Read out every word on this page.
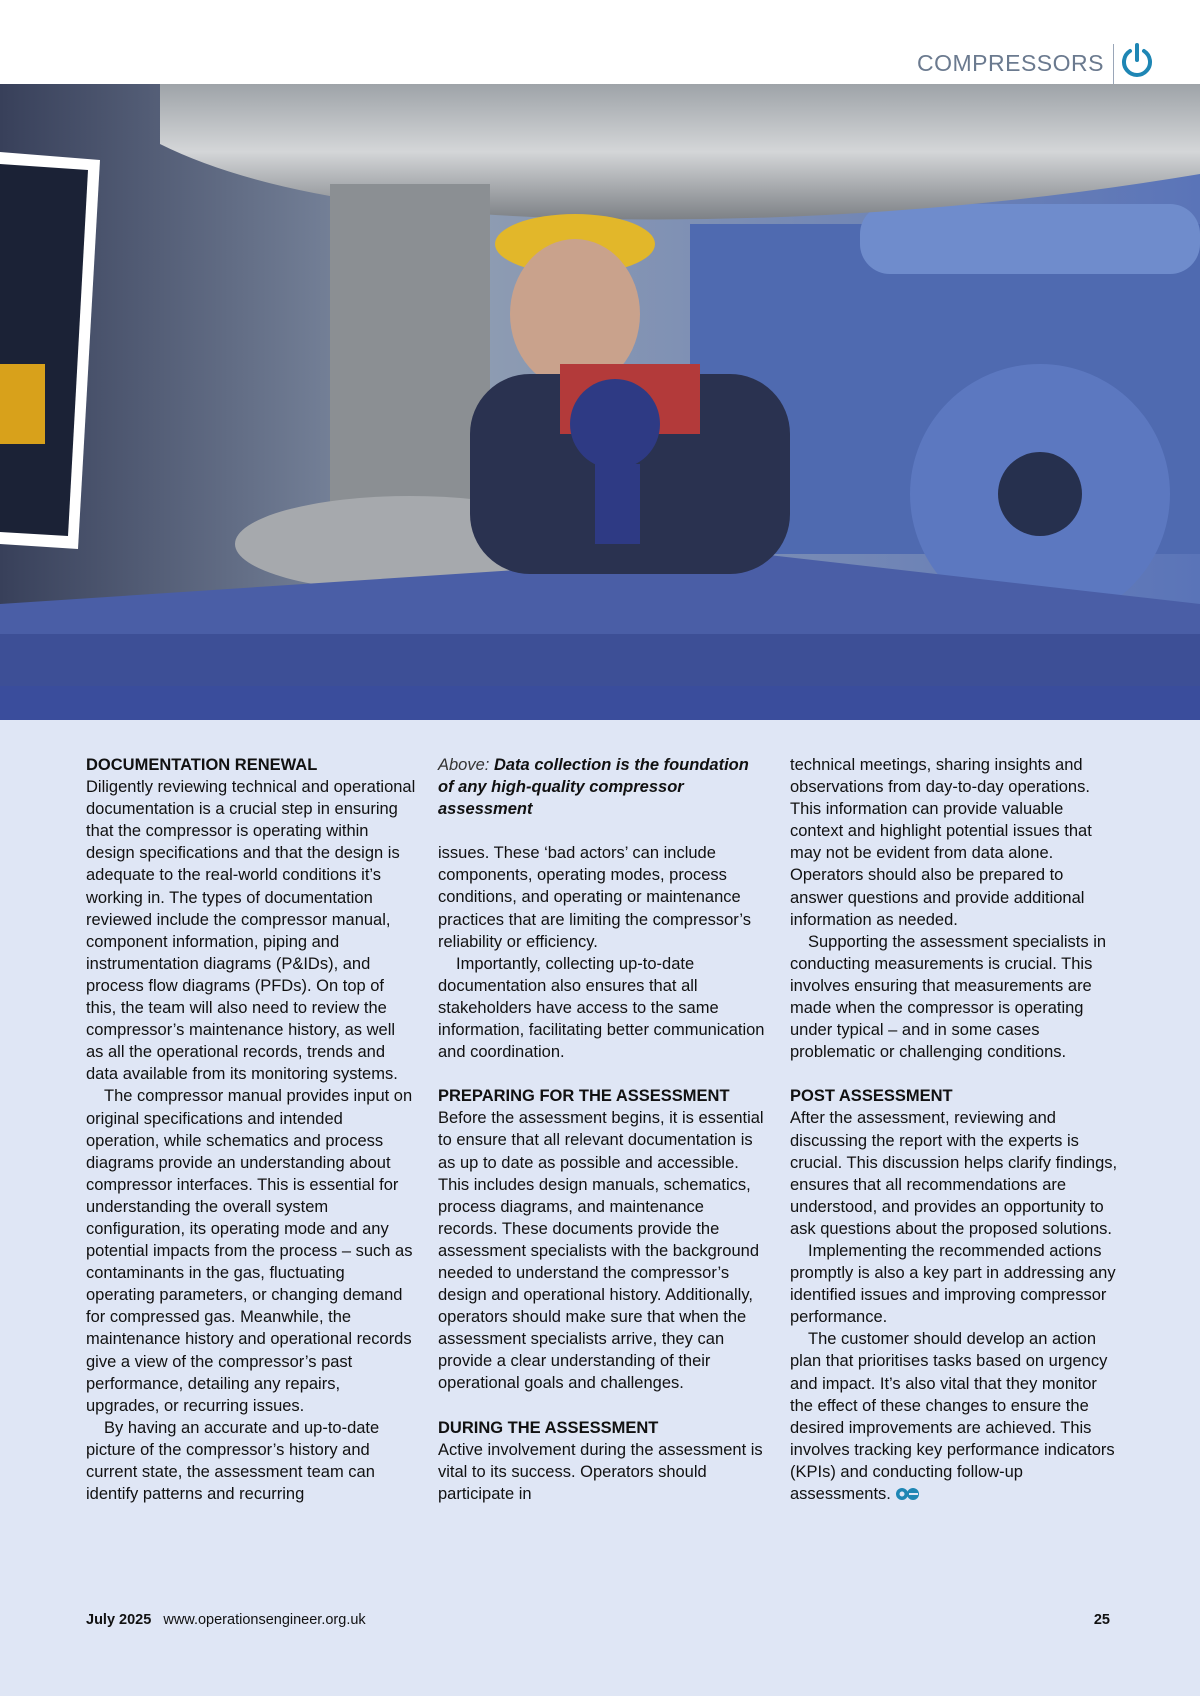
COMPRESSORS
DOCUMENTATION RENEWAL

Diligently reviewing technical and operational documentation is a crucial step in ensuring that the compressor is operating within design specifications and that the design is adequate to the real-world conditions it’s working in. The types of documentation reviewed include the compressor manual, component information, piping and instrumentation diagrams (P&IDs), and process flow diagrams (PFDs). On top of this, the team will also need to review the compressor’s maintenance history, as well as all the operational records, trends and data available from its monitoring systems.

The compressor manual provides input on original specifications and intended operation, while schematics and process diagrams provide an understanding about compressor interfaces. This is essential for understanding the overall system configuration, its operating mode and any potential impacts from the process – such as contaminants in the gas, fluctuating operating parameters, or changing demand for compressed gas. Meanwhile, the maintenance history and operational records give a view of the compressor’s past performance, detailing any repairs, upgrades, or recurring issues.

By having an accurate and up-to-date picture of the compressor’s history and current state, the assessment team can identify patterns and recurring

Above: Data collection is the foundation of any high-quality compressor assessment

issues. These ‘bad actors’ can include components, operating modes, process conditions, and operating or maintenance practices that are limiting the compressor’s reliability or efficiency.

Importantly, collecting up-to-date documentation also ensures that all stakeholders have access to the same information, facilitating better communication and coordination.

PREPARING FOR THE ASSESSMENT

Before the assessment begins, it is essential to ensure that all relevant documentation is as up to date as possible and accessible. This includes design manuals, schematics, process diagrams, and maintenance records. These documents provide the assessment specialists with the background needed to understand the compressor’s design and operational history. Additionally, operators should make sure that when the assessment specialists arrive, they can provide a clear understanding of their operational goals and challenges.

DURING THE ASSESSMENT

Active involvement during the assessment is vital to its success. Operators should participate in

technical meetings, sharing insights and observations from day-to-day operations. This information can provide valuable context and highlight potential issues that may not be evident from data alone. Operators should also be prepared to answer questions and provide additional information as needed.

Supporting the assessment specialists in conducting measurements is crucial. This involves ensuring that measurements are made when the compressor is operating under typical – and in some cases problematic or challenging conditions.

POST ASSESSMENT

After the assessment, reviewing and discussing the report with the experts is crucial. This discussion helps clarify findings, ensures that all recommendations are understood, and provides an opportunity to ask questions about the proposed solutions.

Implementing the recommended actions promptly is also a key part in addressing any identified issues and improving compressor performance.

The customer should develop an action plan that prioritises tasks based on urgency and impact. It’s also vital that they monitor the effect of these changes to ensure the desired improvements are achieved. This involves tracking key performance indicators (KPIs) and conducting follow-up assessments.

July 2025 www.operationsengineer.org.uk	25
